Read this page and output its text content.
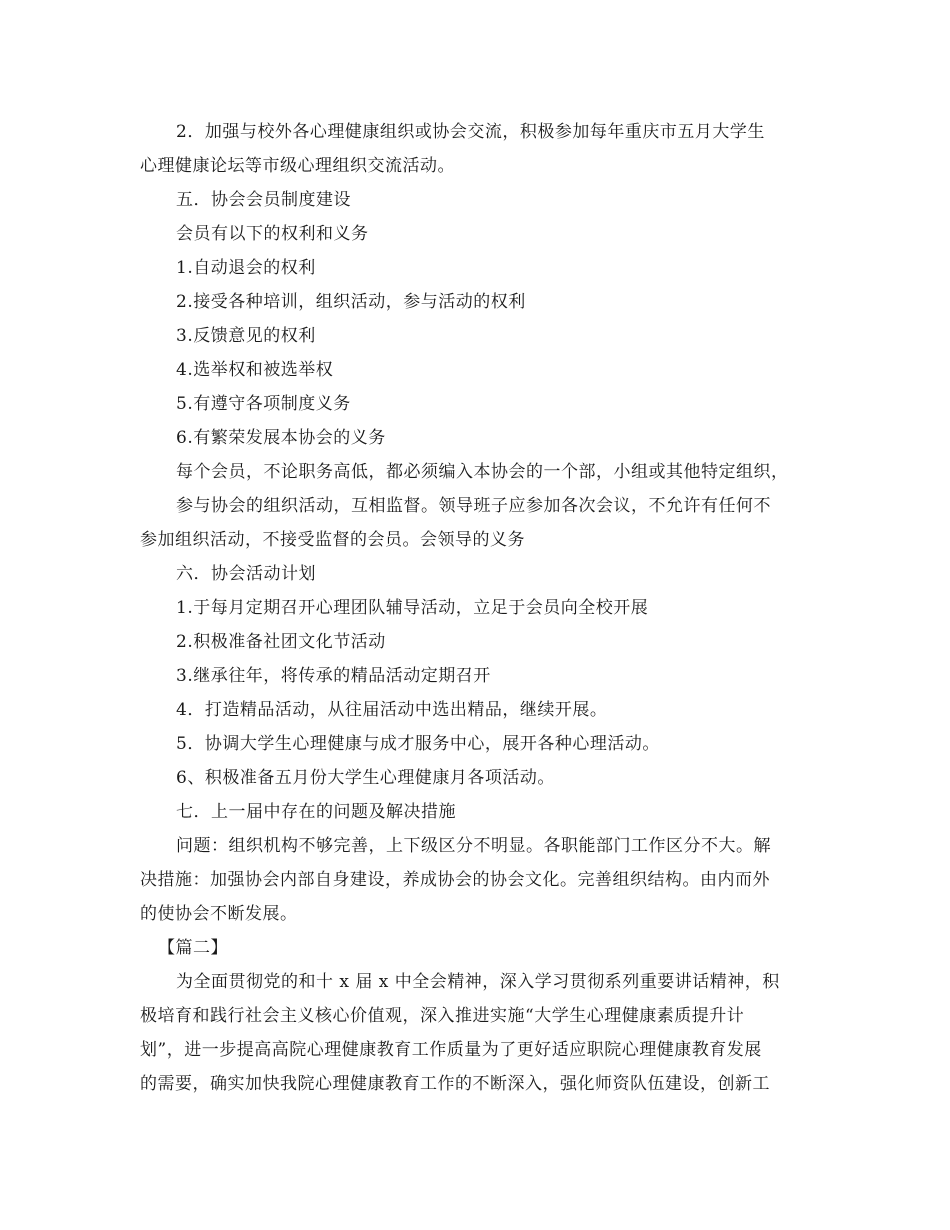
2．加强与校外各心理健康组织或协会交流，积极参加每年重庆市五月大学生
心理健康论坛等市级心理组织交流活动。
五．协会会员制度建设
会员有以下的权利和义务
1.自动退会的权利
2.接受各种培训，组织活动，参与活动的权利
3.反馈意见的权利
4.选举权和被选举权
5.有遵守各项制度义务
6.有繁荣发展本协会的义务
每个会员，不论职务高低，都必须编入本协会的一个部，小组或其他特定组织，
参与协会的组织活动，互相监督。领导班子应参加各次会议，不允许有任何不
参加组织活动，不接受监督的会员。会领导的义务
六．协会活动计划
1.于每月定期召开心理团队辅导活动，立足于会员向全校开展
2.积极准备社团文化节活动
3.继承往年，将传承的精品活动定期召开
4．打造精品活动，从往届活动中选出精品，继续开展。
5．协调大学生心理健康与成才服务中心，展开各种心理活动。
6、积极准备五月份大学生心理健康月各项活动。
七．上一届中存在的问题及解决措施
问题：组织机构不够完善，上下级区分不明显。各职能部门工作区分不大。解
决措施：加强协会内部自身建设，养成协会的协会文化。完善组织结构。由内而外
的使协会不断发展。
【篇二】
为全面贯彻党的和十 x 届 x 中全会精神，深入学习贯彻系列重要讲话精神，积
极培育和践行社会主义核心价值观，深入推进实施“大学生心理健康素质提升计
划”，进一步提高高院心理健康教育工作质量为了更好适应职院心理健康教育发展
的需要，确实加快我院心理健康教育工作的不断深入，强化师资队伍建设，创新工
